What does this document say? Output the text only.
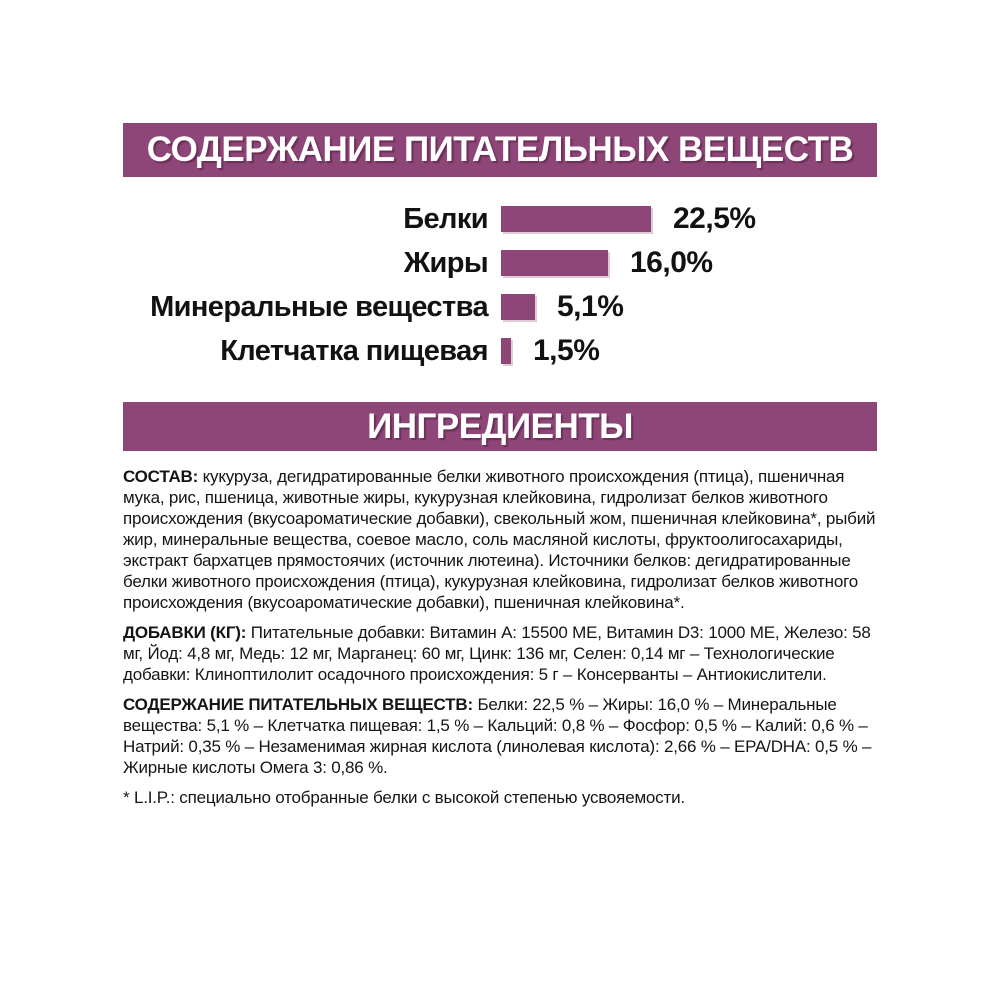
СОДЕРЖАНИЕ ПИТАТЕЛЬНЫХ ВЕЩЕСТВ
Белки	22,5%
Жиры	16,0%
Минеральные вещества	5,1%
Клетчатка пищевая	1,5%
ИНГРЕДИЕНТЫ

СОСТАВ: кукуруза, дегидратированные белки животного происхождения (птица), пшеничная мука, рис, пшеница, животные жиры, кукурузная клейковина, гидролизат белков животного происхождения (вкусоароматические добавки), свекольный жом, пшеничная клейковина*, рыбий жир, минеральные вещества, соевое масло, соль масляной кислоты, фруктоолигосахариды, экстракт бархатцев прямостоячих (источник лютеина). Источники белков: дегидратированные белки животного происхождения (птица), кукурузная клейковина, гидролизат белков животного происхождения (вкусоароматические добавки), пшеничная клейковина*.

ДОБАВКИ (КГ): Питательные добавки: Витамин A: 15500 МЕ, Витамин D3: 1000 МЕ, Железо: 58 мг, Йод: 4,8 мг, Медь: 12 мг, Марганец: 60 мг, Цинк: 136 мг, Селен: 0,14 мг – Технологические добавки: Клиноптилолит осадочного происхождения: 5 г – Консерванты – Антиокислители.

СОДЕРЖАНИЕ ПИТАТЕЛЬНЫХ ВЕЩЕСТВ: Белки: 22,5 % – Жиры: 16,0 % – Минеральные вещества: 5,1 % – Клетчатка пищевая: 1,5 % – Кальций: 0,8 % – Фосфор: 0,5 % – Калий: 0,6 % – Натрий: 0,35 % – Незаменимая жирная кислота (линолевая кислота): 2,66 % – EPA/DHA: 0,5 % – Жирные кислоты Омега 3: 0,86 %.

* L.I.P.: специально отобранные белки с высокой степенью усвояемости.
